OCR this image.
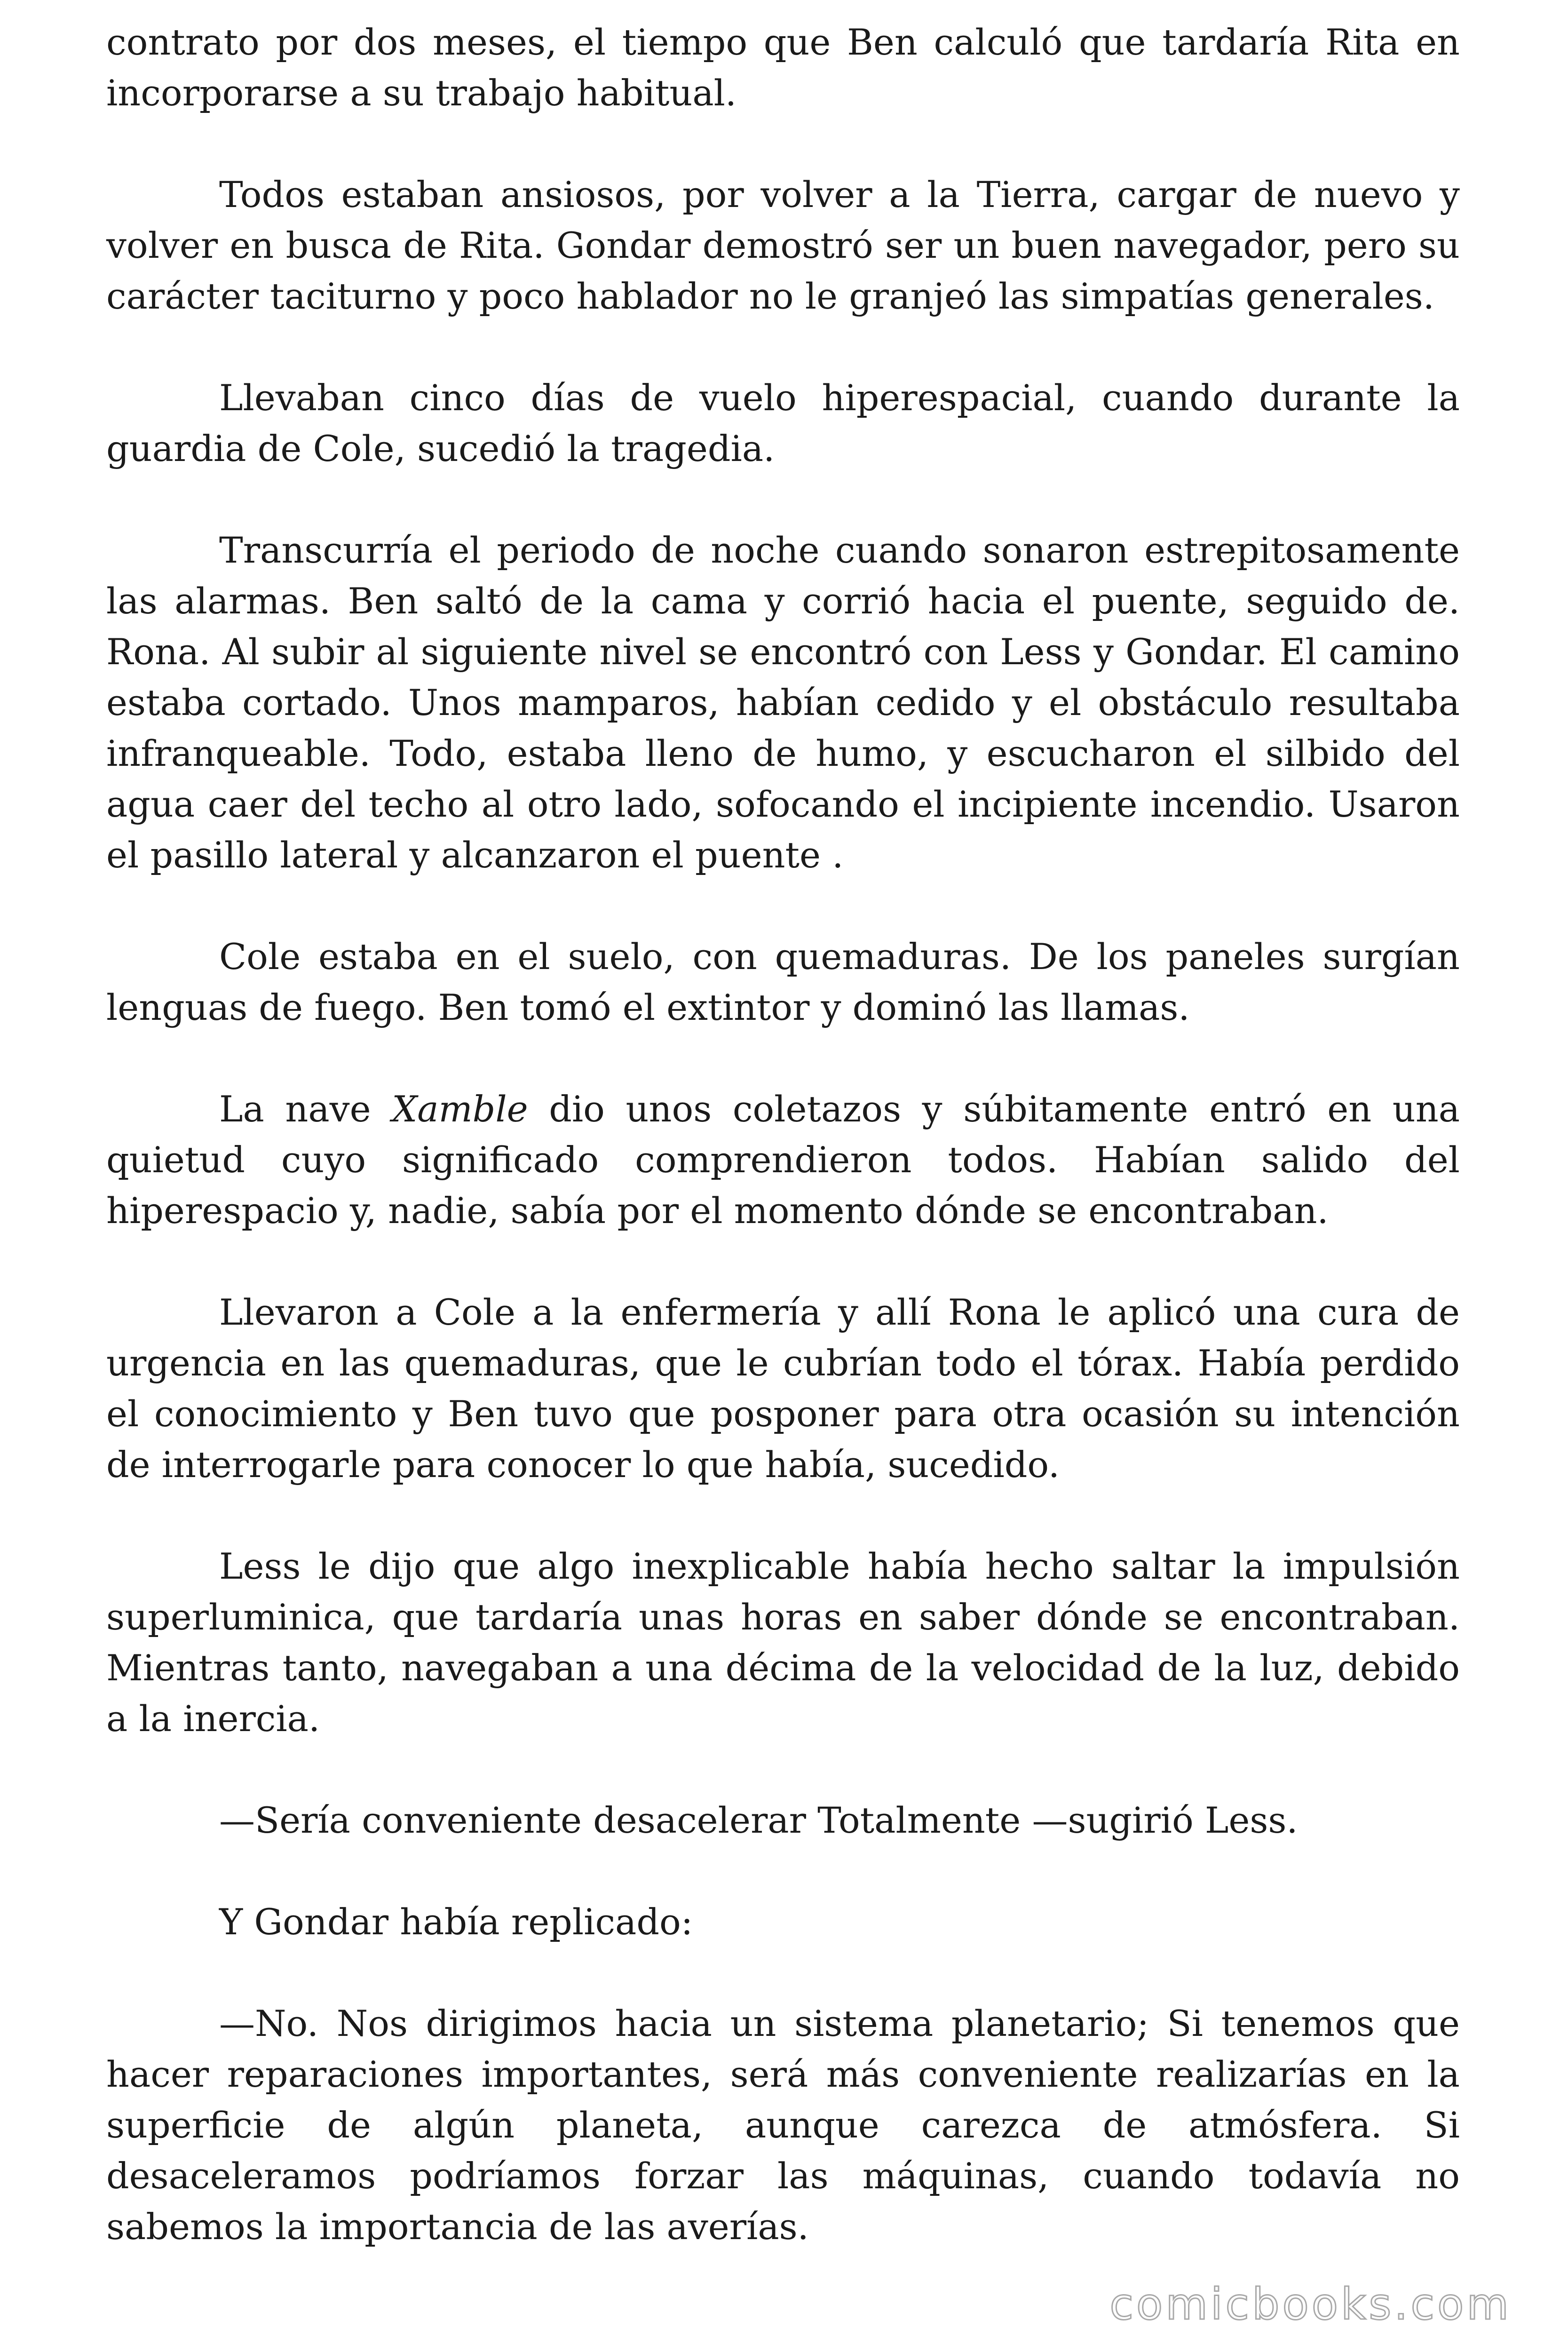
contrato por dos meses, el tiempo que Ben calculó que tardaría Rita en incorporarse a su trabajo habitual.

Todos estaban ansiosos, por volver a la Tierra, cargar de nuevo y volver en busca de Rita. Gondar demostró ser un buen navegador, pero su carácter taciturno y poco hablador no le granjeó las simpatías generales.

Llevaban cinco días de vuelo hiperespacial, cuando durante la guardia de Cole, sucedió la tragedia.

Transcurría el periodo de noche cuando sonaron estrepitosamente las alarmas. Ben saltó de la cama y corrió hacia el puente, seguido de. Rona. Al subir al siguiente nivel se encontró con Less y Gondar. El camino estaba cortado. Unos mamparos, habían cedido y el obstáculo resultaba infranqueable. Todo, estaba lleno de humo, y escucharon el silbido del agua caer del techo al otro lado, sofocando el incipiente incendio. Usaron el pasillo lateral y alcanzaron el puente .

Cole estaba en el suelo, con quemaduras. De los paneles surgían lenguas de fuego. Ben tomó el extintor y dominó las llamas.

La nave Xamble dio unos coletazos y súbitamente entró en una quietud cuyo significado comprendieron todos. Habían salido del hiperespacio y, nadie, sabía por el momento dónde se encontraban.

Llevaron a Cole a la enfermería y allí Rona le aplicó una cura de urgencia en las quemaduras, que le cubrían todo el tórax. Había perdido el conocimiento y Ben tuvo que posponer para otra ocasión su intención de interrogarle para conocer lo que había, sucedido.

Less le dijo que algo inexplicable había hecho saltar la impulsión superluminica, que tardaría unas horas en saber dónde se encontraban. Mientras tanto, navegaban a una décima de la velocidad de la luz, debido a la inercia.

—Sería conveniente desacelerar Totalmente —sugirió Less.

Y Gondar había replicado:

—No. Nos dirigimos hacia un sistema planetario; Si tenemos que hacer reparaciones importantes, será más conveniente realizarías en la superficie de algún planeta, aunque carezca de atmósfera. Si desaceleramos podríamos forzar las máquinas, cuando todavía no sabemos la importancia de las averías.

comicbooks.com
